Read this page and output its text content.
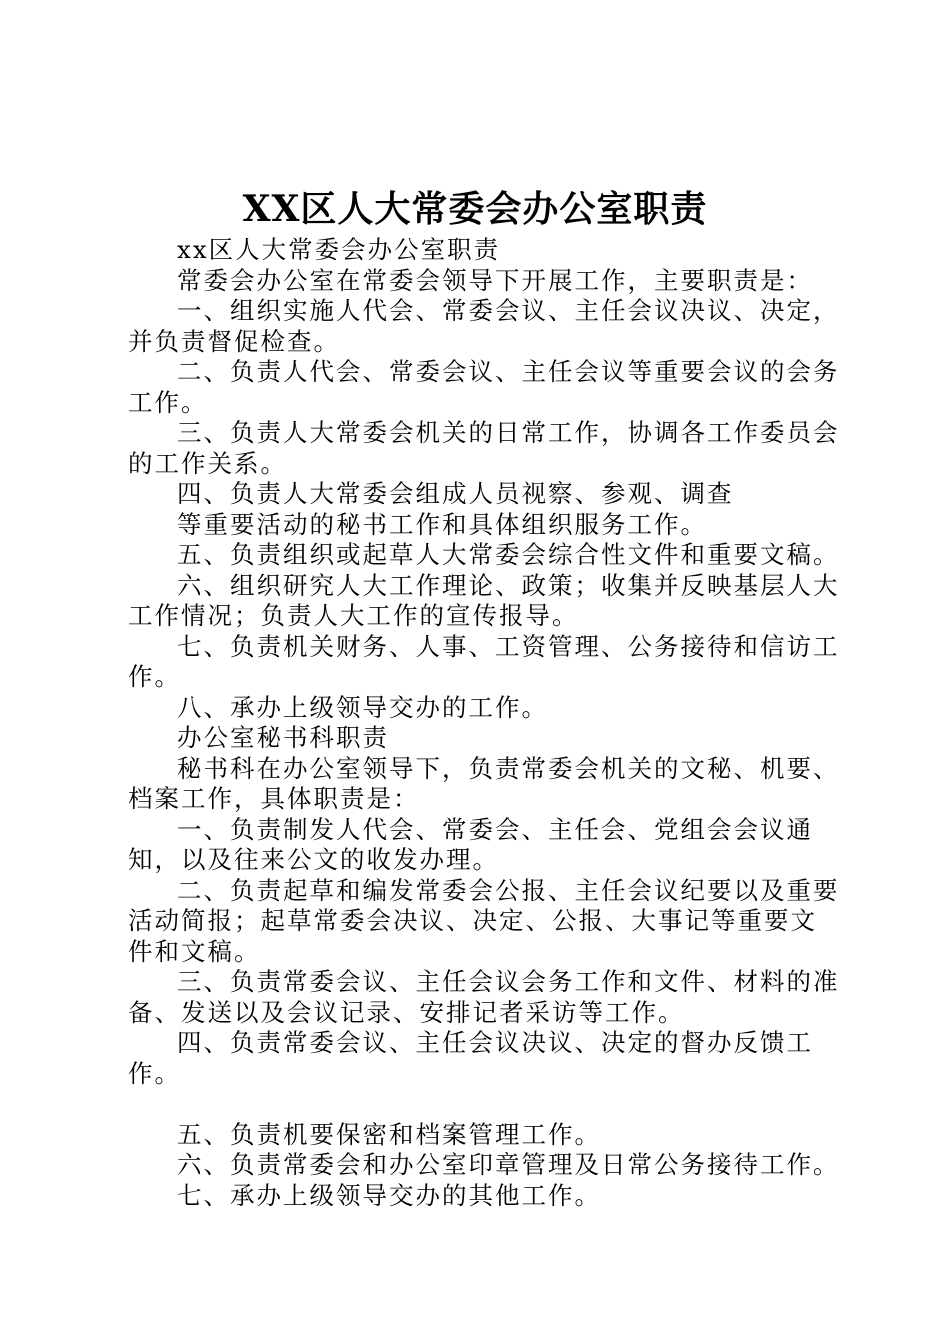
XX区人大常委会办公室职责

xx区人大常委会办公室职责

常委会办公室在常委会领导下开展工作，主要职责是：

一、组织实施人代会、常委会议、主任会议决议、决定，并负责督促检查。

二、负责人代会、常委会议、主任会议等重要会议的会务工作。

三、负责人大常委会机关的日常工作，协调各工作委员会的工作关系。

四、负责人大常委会组成人员视察、参观、调查

等重要活动的秘书工作和具体组织服务工作。

五、负责组织或起草人大常委会综合性文件和重要文稿。

六、组织研究人大工作理论、政策；收集并反映基层人大工作情况；负责人大工作的宣传报导。

七、负责机关财务、人事、工资管理、公务接待和信访工作。

八、承办上级领导交办的工作。

办公室秘书科职责

秘书科在办公室领导下，负责常委会机关的文秘、机要、档案工作，具体职责是：

一、负责制发人代会、常委会、主任会、党组会会议通知，以及往来公文的收发办理。

二、负责起草和编发常委会公报、主任会议纪要以及重要活动简报；起草常委会决议、决定、公报、大事记等重要文件和文稿。

三、负责常委会议、主任会议会务工作和文件、材料的准备、发送以及会议记录、安排记者采访等工作。

四、负责常委会议、主任会议决议、决定的督办反馈工作。

五、负责机要保密和档案管理工作。

六、负责常委会和办公室印章管理及日常公务接待工作。

七、承办上级领导交办的其他工作。
